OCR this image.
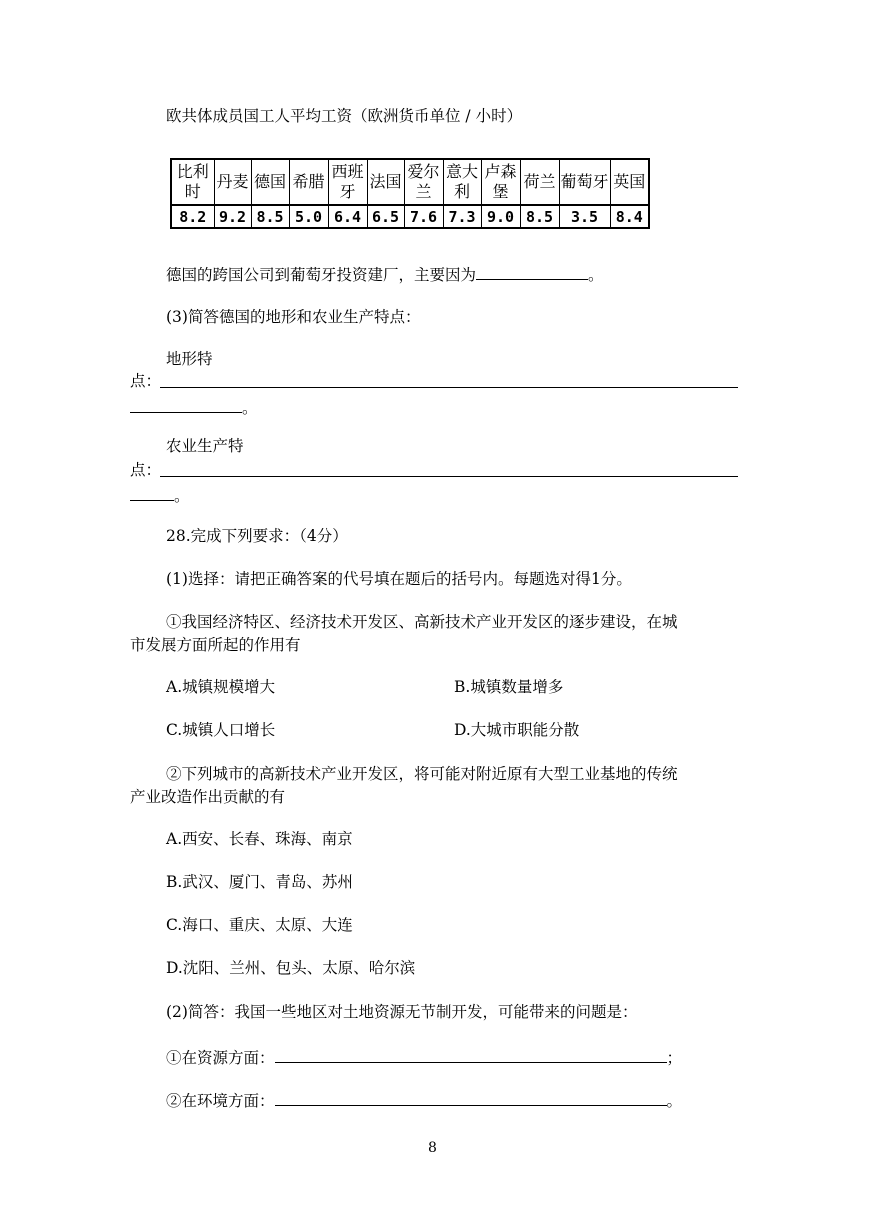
欧共体成员国工人平均工资（欧洲货币单位 / 小时）
比利时	丹麦	德国	希腊	西班牙	法国	爱尔兰	意大利	卢森堡	荷兰	葡萄牙	英国
8.2	9.2	8.5	5.0	6.4	6.5	7.6	7.3	9.0	8.5	3.5	8.4
德国的跨国公司到葡萄牙投资建厂，主要因为	。
(3)简答德国的地形和农业生产特点：
地形特
点：
。
农业生产特
点：
。
28.完成下列要求：（4分）
(1)选择：请把正确答案的代号填在题后的括号内。每题选对得1分。
①我国经济特区、经济技术开发区、高新技术产业开发区的逐步建设，在城
市发展方面所起的作用有
A.城镇规模增大	B.城镇数量增多
C.城镇人口增长	D.大城市职能分散
②下列城市的高新技术产业开发区，将可能对附近原有大型工业基地的传统
产业改造作出贡献的有
A.西安、长春、珠海、南京
B.武汉、厦门、青岛、苏州
C.海口、重庆、太原、大连
D.沈阳、兰州、包头、太原、哈尔滨
(2)简答：我国一些地区对土地资源无节制开发，可能带来的问题是：
①在资源方面：	；
②在环境方面：	。
8
